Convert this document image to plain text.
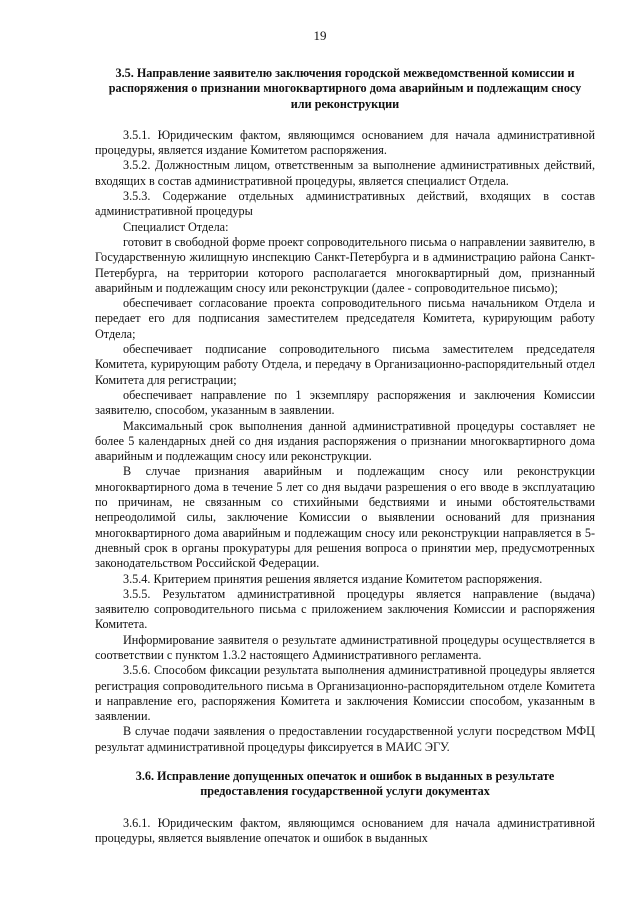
19
3.5. Направление заявителю заключения городской межведомственной комиссии и распоряжения о признании многоквартирного дома аварийным и подлежащим сносу или реконструкции

3.5.1. Юридическим фактом, являющимся основанием для начала административной процедуры, является издание Комитетом распоряжения.

3.5.2. Должностным лицом, ответственным за выполнение административных действий, входящих в состав административной процедуры, является специалист Отдела.

3.5.3. Содержание отдельных административных действий, входящих в состав административной процедуры

Специалист Отдела:

готовит в свободной форме проект сопроводительного письма о направлении заявителю, в Государственную жилищную инспекцию Санкт-Петербурга и в администрацию района Санкт-Петербурга, на территории которого располагается многоквартирный дом, признанный аварийным и подлежащим сносу или реконструкции (далее - сопроводительное письмо);

обеспечивает согласование проекта сопроводительного письма начальником Отдела и передает его для подписания заместителем председателя Комитета, курирующим работу Отдела;

обеспечивает подписание сопроводительного письма заместителем председателя Комитета, курирующим работу Отдела, и передачу в Организационно-распорядительный отдел Комитета для регистрации;

обеспечивает направление по 1 экземпляру распоряжения и заключения Комиссии заявителю, способом, указанным в заявлении.

Максимальный срок выполнения данной административной процедуры составляет не более 5 календарных дней со дня издания распоряжения о признании многоквартирного дома аварийным и подлежащим сносу или реконструкции.

В случае признания аварийным и подлежащим сносу или реконструкции многоквартирного дома в течение 5 лет со дня выдачи разрешения о его вводе в эксплуатацию по причинам, не связанным со стихийными бедствиями и иными обстоятельствами непреодолимой силы, заключение Комиссии о выявлении оснований для признания многоквартирного дома аварийным и подлежащим сносу или реконструкции направляется в 5-дневный срок в органы прокуратуры для решения вопроса о принятии мер, предусмотренных законодательством Российской Федерации.

3.5.4. Критерием принятия решения является издание Комитетом распоряжения.

3.5.5. Результатом административной процедуры является направление (выдача) заявителю сопроводительного письма с приложением заключения Комиссии и распоряжения Комитета.

Информирование заявителя о результате административной процедуры осуществляется в соответствии с пунктом 1.3.2 настоящего Административного регламента.

3.5.6. Способом фиксации результата выполнения административной процедуры является регистрация сопроводительного письма в Организационно-распорядительном отделе Комитета и направление его, распоряжения Комитета и заключения Комиссии способом, указанным в заявлении.

В случае подачи заявления о предоставлении государственной услуги посредством МФЦ результат административной процедуры фиксируется в МАИС ЭГУ.

3.6. Исправление допущенных опечаток и ошибок в выданных в результате предоставления государственной услуги документах

3.6.1. Юридическим фактом, являющимся основанием для начала административной процедуры, является выявление опечаток и ошибок в выданных
